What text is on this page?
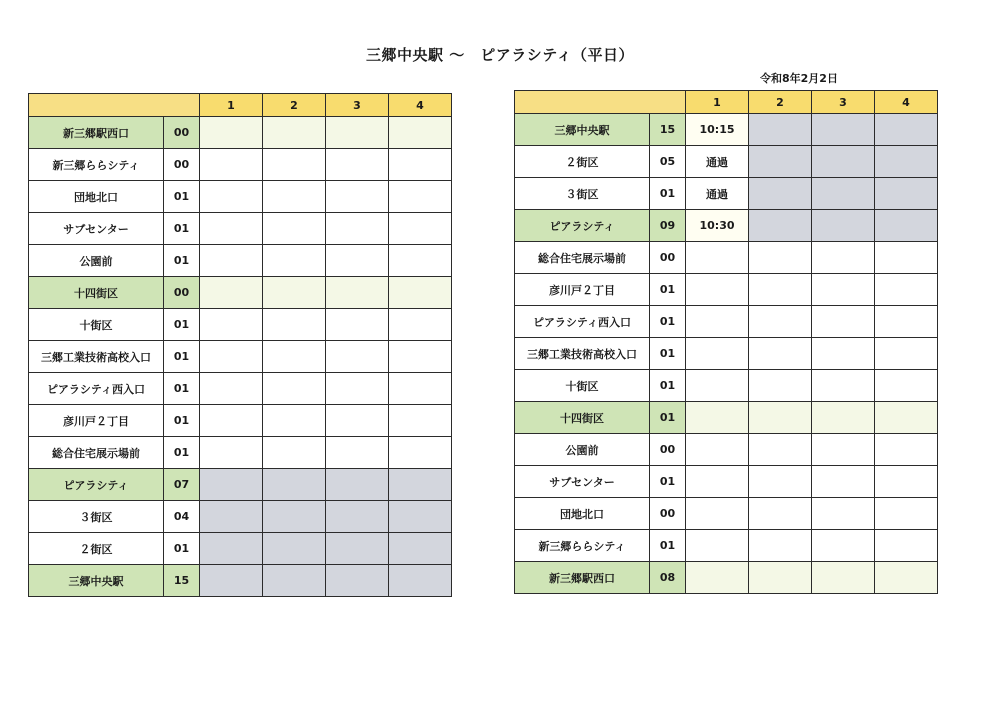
三郷中央駅 ～　ピアラシティ（平日）
令和8年2月2日
		1	2	3	4
新三郷駅西口	00				
新三郷ららシティ	00				
団地北口	01				
サブセンター	01				
公園前	01				
十四街区	00				
十街区	01				
三郷工業技術高校入口	01				
ピアラシティ西入口	01				
彦川戸２丁目	01				
総合住宅展示場前	01				
ピアラシティ	07				
３街区	04				
２街区	01				
三郷中央駅	15				
		1	2	3	4
三郷中央駅	15	10:15			
２街区	05	通過			
３街区	01	通過			
ピアラシティ	09	10:30			
総合住宅展示場前	00				
彦川戸２丁目	01				
ピアラシティ西入口	01				
三郷工業技術高校入口	01				
十街区	01				
十四街区	01				
公園前	00				
サブセンター	01				
団地北口	00				
新三郷ららシティ	01				
新三郷駅西口	08				
